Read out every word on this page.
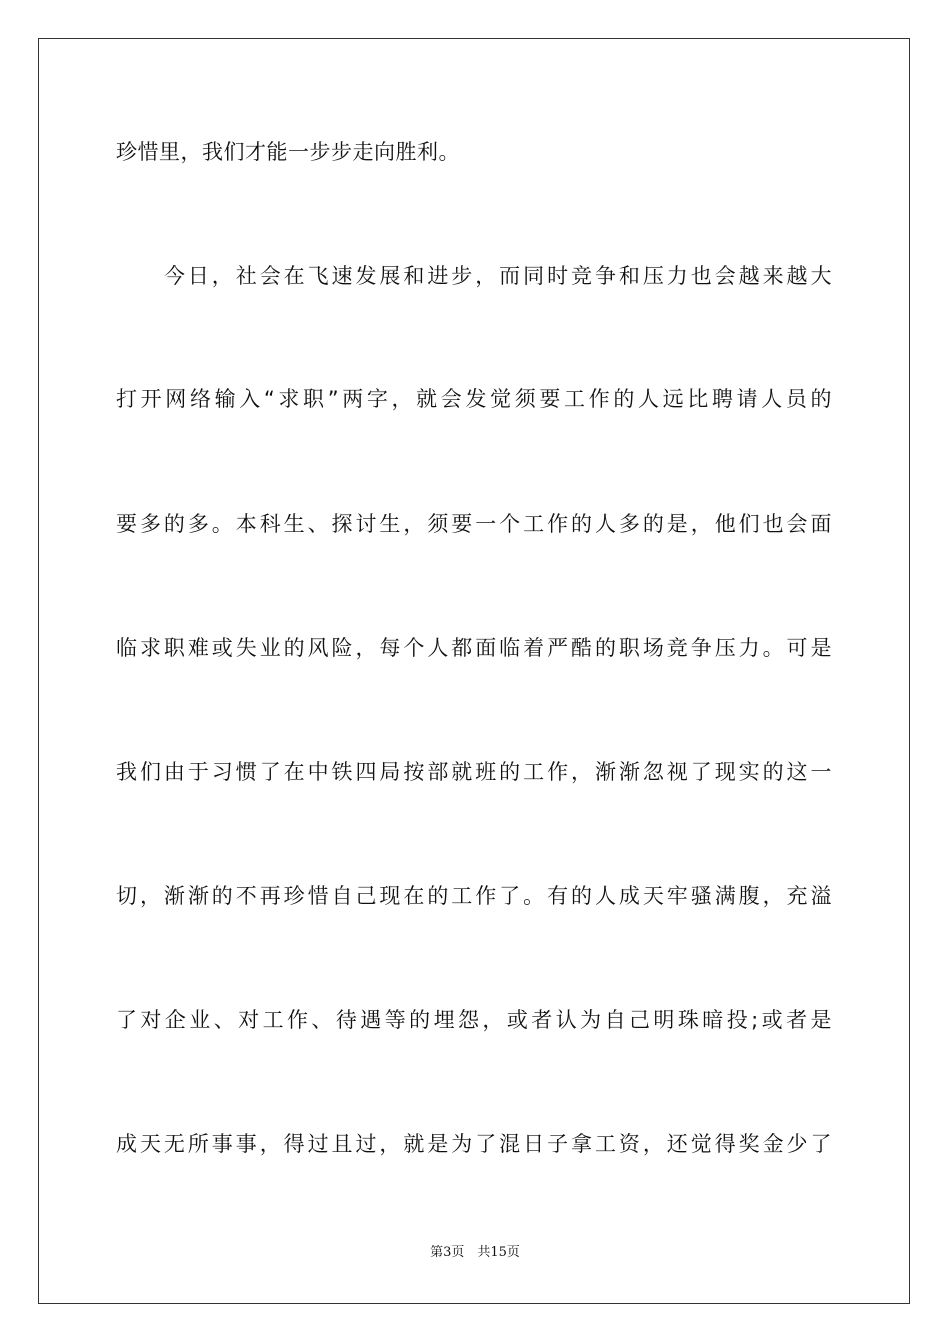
珍惜里，我们才能一步步走向胜利。
　　今日，社会在飞速发展和进步，而同时竞争和压力也会越来越大
打开网络输入“求职”两字，就会发觉须要工作的人远比聘请人员的
要多的多。本科生、探讨生，须要一个工作的人多的是，他们也会面
临求职难或失业的风险，每个人都面临着严酷的职场竞争压力。可是
我们由于习惯了在中铁四局按部就班的工作，渐渐忽视了现实的这一
切，渐渐的不再珍惜自己现在的工作了。有的人成天牢骚满腹，充溢
了对企业、对工作、待遇等的埋怨，或者认为自己明珠暗投;或者是
成天无所事事，得过且过，就是为了混日子拿工资，还觉得奖金少了
第3页　共15页
